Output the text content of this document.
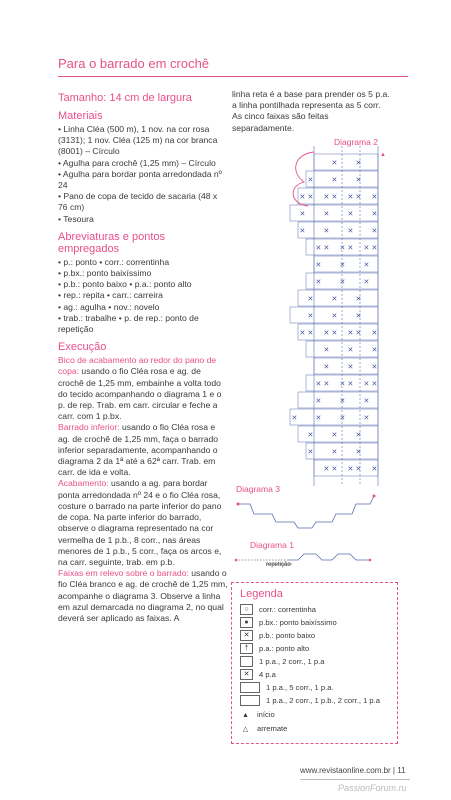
Para o barrado em crochê

Tamanho: 14 cm de largura

Materiais

• Linha Cléa (500 m), 1 nov. na cor rosa (3131); 1 nov. Cléa (125 m) na cor branca (8001) – Círculo

• Agulha para crochê (1,25 mm) – Círculo

• Agulha para bordar ponta arredondada nº 24

• Pano de copa de tecido de sacaria (48 x 76 cm)

• Tesoura

Abreviaturas e pontos empregados

• p.: ponto • corr.: correntinha

• p.bx.: ponto baixíssimo

• p.b.: ponto baixo • p.a.: ponto alto

• rep.: repita • carr.: carreira

• ag.: agulha • nov.: novelo

• trab.: trabalhe • p. de rep.: ponto de repetição

Execução

Bico de acabamento ao redor do pano de copa: usando o fio Cléa rosa e ag. de crochê de 1,25 mm, embainhe a volta todo do tecido acompanhando o diagrama 1 e o p. de rep. Trab. em carr. circular e feche a carr. com 1 p.bx.

Barrado inferior: usando o fio Cléa rosa e ag. de crochê de 1,25 mm, faça o barrado inferior separadamente, acompanhando o diagrama 2 da 1ª até a 62ª carr. Trab. em carr. de ida e volta.

Acabamento: usando a ag. para bordar ponta arredondada nº 24 e o fio Cléa rosa, costure o barrado na parte inferior do pano de copa. Na parte inferior do barrado, observe o diagrama representado na cor vermelha de 1 p.b., 8 corr., nas áreas menores de 1 p.b., 5 corr., faça os arcos e, na carr. seguinte, trab. em p.b.

Faixas em relevo sobre o barrado: usando o fio Cléa branco e ag. de crochê de 1,25 mm, acompanhe o diagrama 3. Observe a linha em azul demarcada no diagrama 2, no qual deverá ser aplicado as faixas. A

linha reta é a base para prender os 5 p.a. a linha pontilhada representa as 5 corr. As cinco faixas são feitas separadamente.
Diagrama 2
✕	✕
✕	✕	✕
✕ ✕ ✕ ✕ ✕ ✕ ✕
✕	✕	✕	✕
✕	✕	✕	✕
✕ ✕ ✕ ✕ ✕ ✕
✕	✕	✕
✕	✕	✕
✕	✕	✕
✕	✕	✕
✕ ✕ ✕ ✕ ✕ ✕ ✕
✕	✕	✕
✕	✕	✕
✕ ✕ ✕ ✕ ✕ ✕
✕	✕	✕
✕	✕	✕	✕
✕	✕	✕
✕	✕	✕
✕ ✕ ✕ ✕ ✕
▲
Diagrama 3
Diagrama 1
repetição
Legenda
○	corr.: correntinha
●	p.bx.: ponto baixíssimo
✕	p.b.: ponto baixo
†	p.a.: ponto alto
1 p.a., 2 corr., 1 p.a
✕	4 p.a
1 p.a., 5 corr., 1 p.a.
1 p.a., 2 corr., 1 p.b., 2 corr., 1 p.a
▲ início
△	arremate
www.revistaonline.com.br | 11
PassionForum.ru
